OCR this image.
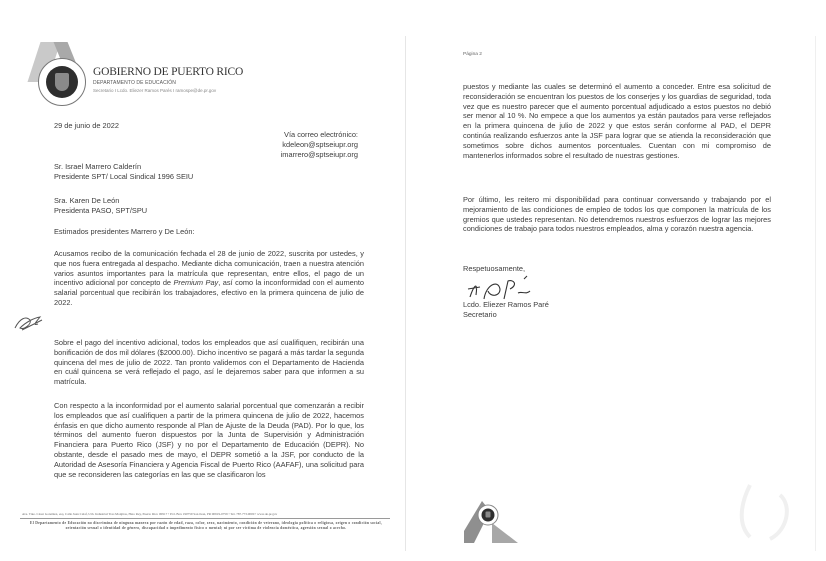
GOBIERNO DE PUERTO RICO
DEPARTAMENTO DE EDUCACIÓN
Secretario I Lcdo. Eliezer Ramos Parés I ramospe@de.pr.gov
29 de junio de 2022
Vía correo electrónico:
kdeleon@sptseiupr.org
imarrero@sptseiupr.org
Sr. Israel Marrero Calderín
Presidente SPT/ Local Sindical 1996 SEIU
Sra. Karen De León
Presidenta PASO, SPT/SPU
Estimados presidentes Marrero y De León:
Acusamos recibo de la comunicación fechada el 28 de junio de 2022, suscrita por ustedes, y que nos fuera entregada al despacho. Mediante dicha comunicación, traen a nuestra atención varios asuntos importantes para la matrícula que representan, entre ellos, el pago de un incentivo adicional por concepto de Premium Pay, así como la inconformidad con el aumento salarial porcentual que recibirán los trabajadores, efectivo en la primera quincena de julio de 2022.
Sobre el pago del incentivo adicional, todos los empleados que así cualifiquen, recibirán una bonificación de dos mil dólares ($2000.00). Dicho incentivo se pagará a más tardar la segunda quincena del mes de julio de 2022. Tan pronto validemos con el Departamento de Hacienda en cuál quincena se verá reflejado el pago, así le dejaremos saber para que informen a su matrícula.
Con respecto a la inconformidad por el aumento salarial porcentual que comenzarán a recibir los empleados que así cualifiquen a partir de la primera quincena de julio de 2022, hacemos énfasis en que dicho aumento responde al Plan de Ajuste de la Deuda (PAD). Por lo que, los términos del aumento fueron dispuestos por la Junta de Supervisión y Administración Financiera para Puerto Rico (JSF) y no por el Departamento de Educación (DEPR). No obstante, desde el pasado mes de mayo, el DEPR sometió a la JSF, por conducto de la Autoridad de Asesoría Financiera y Agencia Fiscal de Puerto Rico (AAFAF), una solicitud para que se reconsideren las categorías en las que se clasificaron los
Ave. Tnte. César González, esq. Calle Juan Calaf, Urb. Industrial Tres Monjitas, Hato Rey, Puerto Rico 00917 • P.O. Box 190759 San Juan, PR 00919-0759 • Tel. 787.773.0000 • www.de.pr.gov
El Departamento de Educación no discrimina de ninguna manera por razón de edad, raza, color, sexo, nacimiento, condición de veterano, ideología política o religiosa, origen o condición social, orientación sexual o identidad de género, discapacidad o impedimento físico o mental; ni por ser víctima de violencia doméstica, agresión sexual o acecho.
Página 2
puestos y mediante las cuales se determinó el aumento a conceder. Entre esa solicitud de reconsideración se encuentran los puestos de los conserjes y los guardias de seguridad, toda vez que es nuestro parecer que el aumento porcentual adjudicado a estos puestos no debió ser menor al 10 %. No empece a que los aumentos ya están pautados para verse reflejados en la primera quincena de julio de 2022 y que estos serán conforme al PAD, el DEPR continúa realizando esfuerzos ante la JSF para lograr que se atienda la reconsideración que sometimos sobre dichos aumentos porcentuales. Cuentan con mi compromiso de mantenerlos informados sobre el resultado de nuestras gestiones.
Por último, les reitero mi disponibilidad para continuar conversando y trabajando por el mejoramiento de las condiciones de empleo de todos los que componen la matrícula de los gremios que ustedes representan. No detendremos nuestros esfuerzos de lograr las mejores condiciones de trabajo para todos nuestros empleados, alma y corazón nuestra agencia.
Respetuosamente,
Lcdo. Eliezer Ramos Paré
Secretario
